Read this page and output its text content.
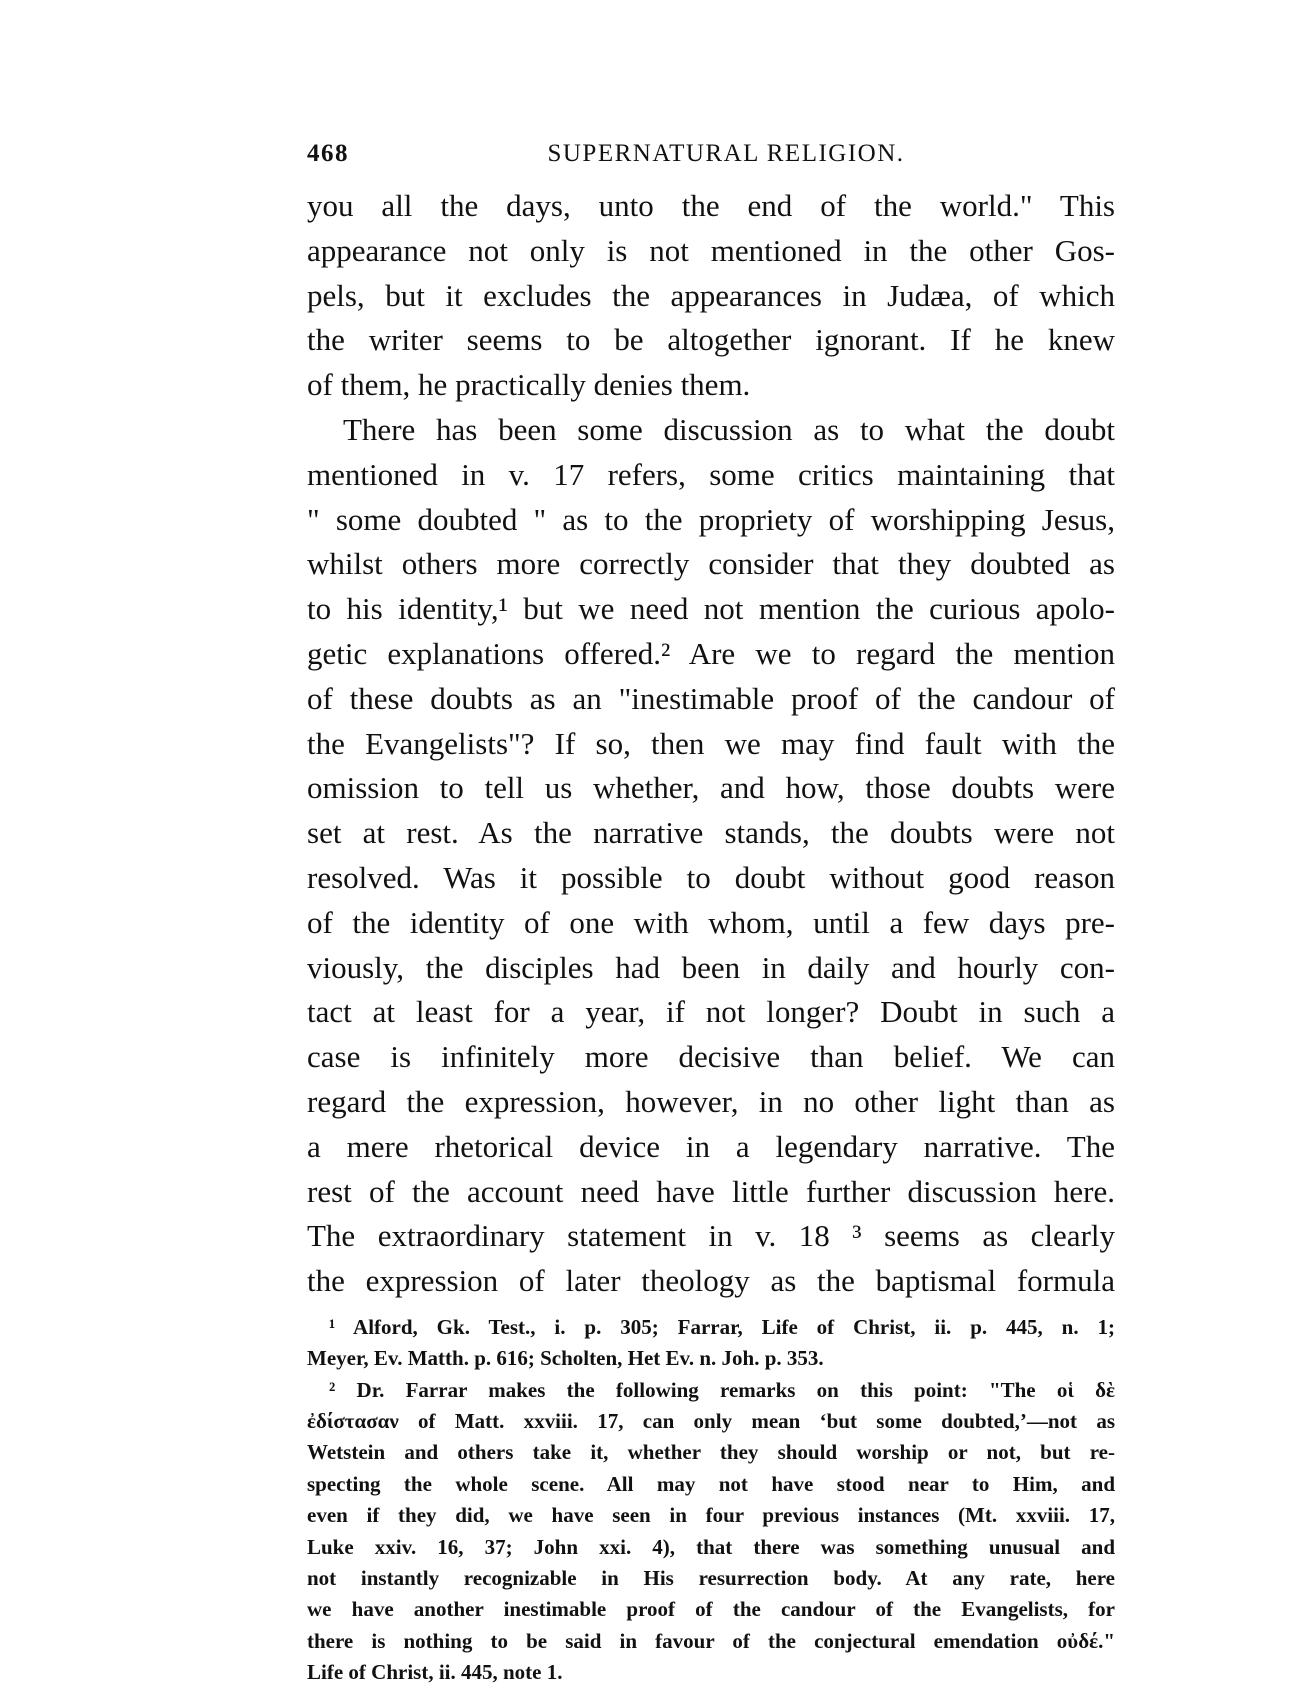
468	SUPERNATURAL RELIGION.
you all the days, unto the end of the world." This
appearance not only is not mentioned in the other Gos-
pels, but it excludes the appearances in Judæa, of which
the writer seems to be altogether ignorant. If he knew
of them, he practically denies them.
There has been some discussion as to what the doubt
mentioned in v. 17 refers, some critics maintaining that
" some doubted " as to the propriety of worshipping Jesus,
whilst others more correctly consider that they doubted as
to his identity,¹ but we need not mention the curious apolo-
getic explanations offered.² Are we to regard the mention
of these doubts as an "inestimable proof of the candour of
the Evangelists"? If so, then we may find fault with the
omission to tell us whether, and how, those doubts were
set at rest. As the narrative stands, the doubts were not
resolved. Was it possible to doubt without good reason
of the identity of one with whom, until a few days pre-
viously, the disciples had been in daily and hourly con-
tact at least for a year, if not longer? Doubt in such a
case is infinitely more decisive than belief. We can
regard the expression, however, in no other light than as
a mere rhetorical device in a legendary narrative. The
rest of the account need have little further discussion here.
The extraordinary statement in v. 18 ³ seems as clearly
the expression of later theology as the baptismal formula
¹ Alford, Gk. Test., i. p. 305; Farrar, Life of Christ, ii. p. 445, n. 1;
Meyer, Ev. Matth. p. 616; Scholten, Het Ev. n. Joh. p. 353.
² Dr. Farrar makes the following remarks on this point: "The οἱ δὲ
ἐδίστασαν of Matt. xxviii. 17, can only mean ‘but some doubted,’—not as
Wetstein and others take it, whether they should worship or not, but re-
specting the whole scene. All may not have stood near to Him, and
even if they did, we have seen in four previous instances (Mt. xxviii. 17,
Luke xxiv. 16, 37; John xxi. 4), that there was something unusual and
not instantly recognizable in His resurrection body. At any rate, here
we have another inestimable proof of the candour of the Evangelists, for
there is nothing to be said in favour of the conjectural emendation οὐδέ."
Life of Christ, ii. 445, note 1.
